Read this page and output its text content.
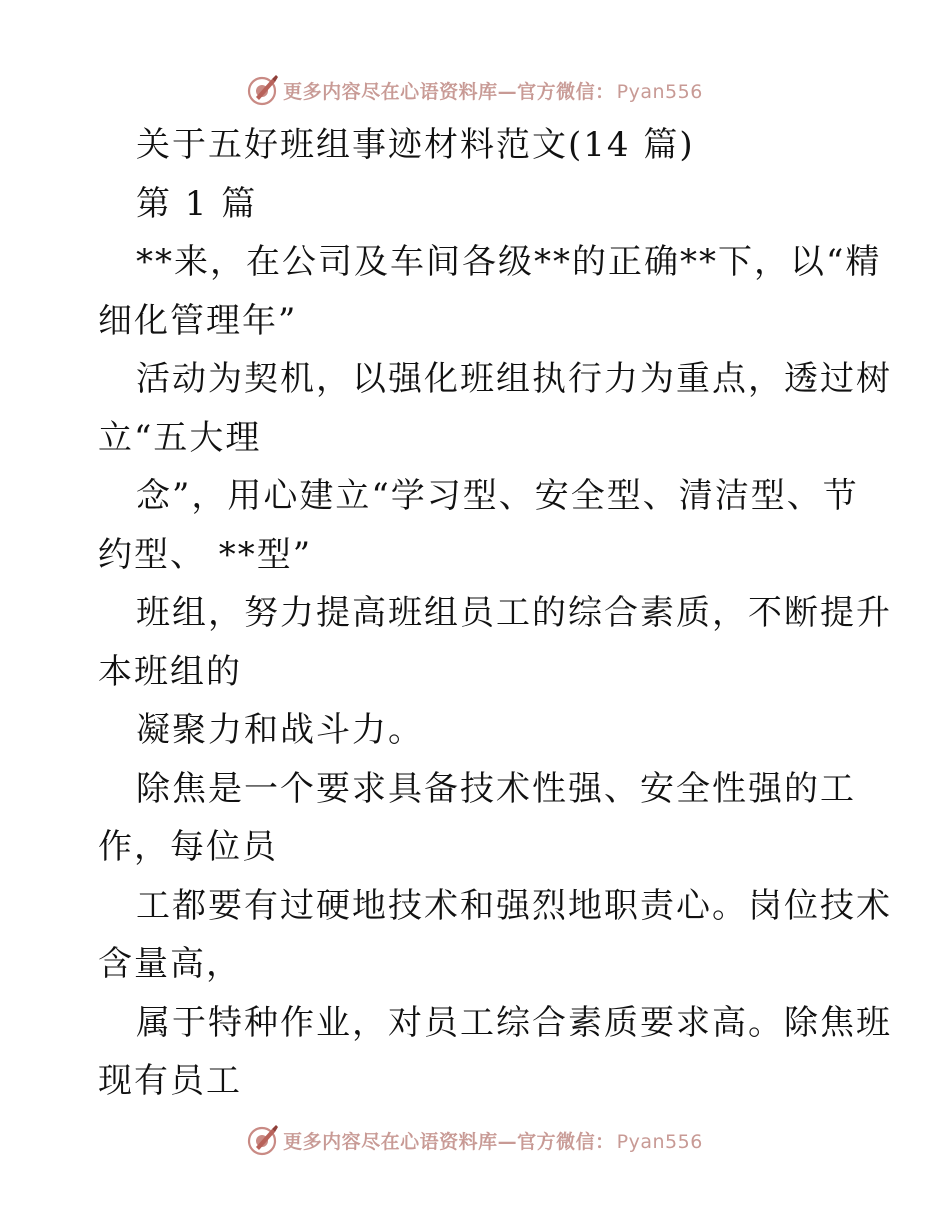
更多内容尽在心语资料库—官方微信： Pyan556
关于五好班组事迹材料范文(14 篇)
第 1 篇
**来，在公司及车间各级**的正确**下，以“精
细化管理年”
活动为契机，以强化班组执行力为重点，透过树
立“五大理
念”，用心建立“学习型、安全型、清洁型、节
约型、 **型”
班组，努力提高班组员工的综合素质，不断提升
本班组的
凝聚力和战斗力。
除焦是一个要求具备技术性强、安全性强的工
作，每位员
工都要有过硬地技术和强烈地职责心。岗位技术
含量高，
属于特种作业，对员工综合素质要求高。除焦班
现有员工
更多内容尽在心语资料库—官方微信： Pyan556
